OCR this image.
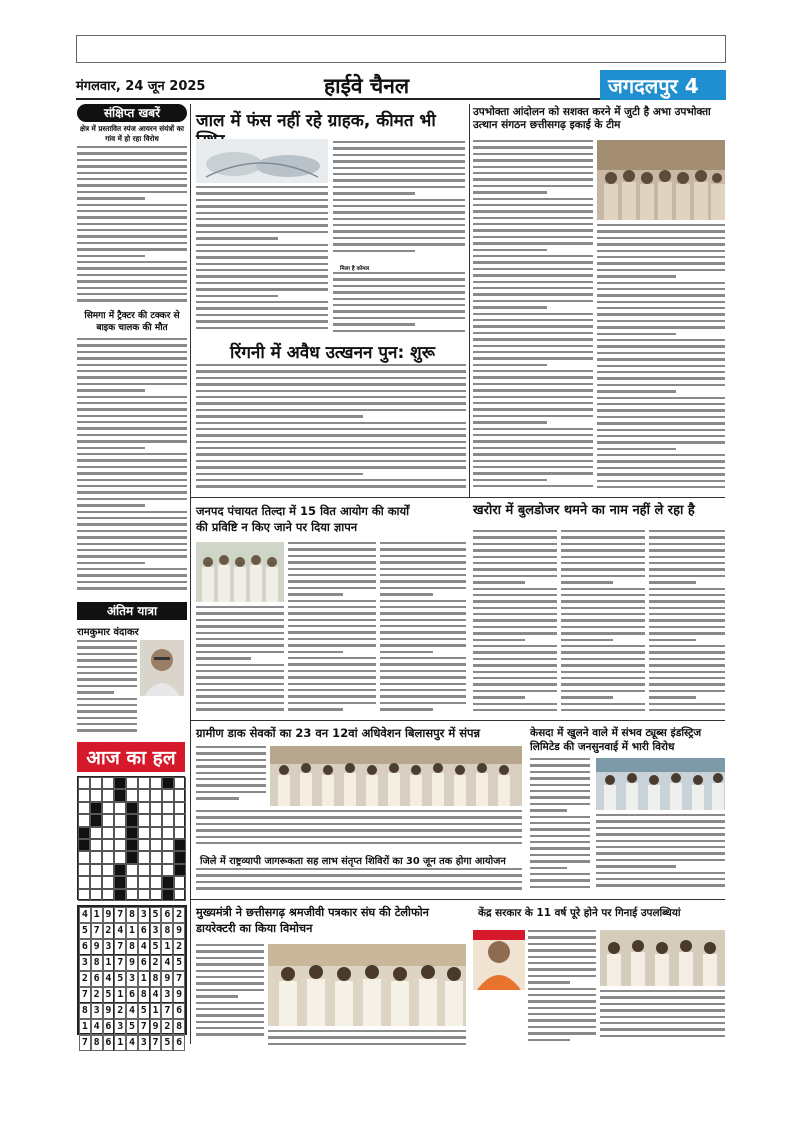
मंगलवार, 24 जून 2025	हाईवे चैनल	जगदलपुर 4
संक्षिप्त खबरें
क्षेत्र में प्रस्तावित स्पंज आयरन संयंत्रों का गांव में हो रहा विरोध
सिमगा में ट्रैक्टर की टक्कर से बाइक चालक की मौत
अंतिम यात्रा
रामकुमार वंदाकर
आज का हल
4 1 9 7 8 3 5 6 2
5 7 2 4 1 6 3 8 9
6 9 3 7 8 4 5 1 2
3 8 1 7 9 6 2 4 5
2 6 4 5 3 1 8 9 7
7 2 5 1 6 8 4 3 9
8 3 9 2 4 5 1 7 6
1 4 6 3 5 7 9 2 8
7 8 6 1 4 3 7 5 6
जाल में फंस नहीं रहे ग्राहक, कीमत भी
मिला है कोमल
उपभोक्ता आंदोलन को सशक्त करने में जुटी है अभा उपभोक्ता उत्थान संगठन छत्तीसगढ़ इकाई के टीम
रिंगनी में अवैध उत्खनन पुन: शुरू
जनपद पंचायत तिल्दा में 15 वित आयोग की कार्यों की प्रविष्टि न किए जाने पर दिया ज्ञापन
खरोरा में बुलडोजर थमने का नाम नहीं ले रहा है
ग्रामीण डाक सेवकों का 23 वन 12वां अधिवेशन बिलासपुर में संपन्न	केसदा में खुलने वाले में संभव ट्यूब्स इंडस्ट्रिज लिमिटेड की जनसुनवाई में भारी विरोध
जिले में राष्ट्रव्यापी जागरूकता सह लाभ संतृप्त शिविरों का 30 जून तक होगा आयोजन
मुख्यमंत्री ने छत्तीसगढ़ श्रमजीवी पत्रकार संघ की टेलीफोन डायरेक्टरी का किया विमोचन
केंद्र सरकार के 11 वर्ष पूरे होने पर गिनाई उपलब्धियां
